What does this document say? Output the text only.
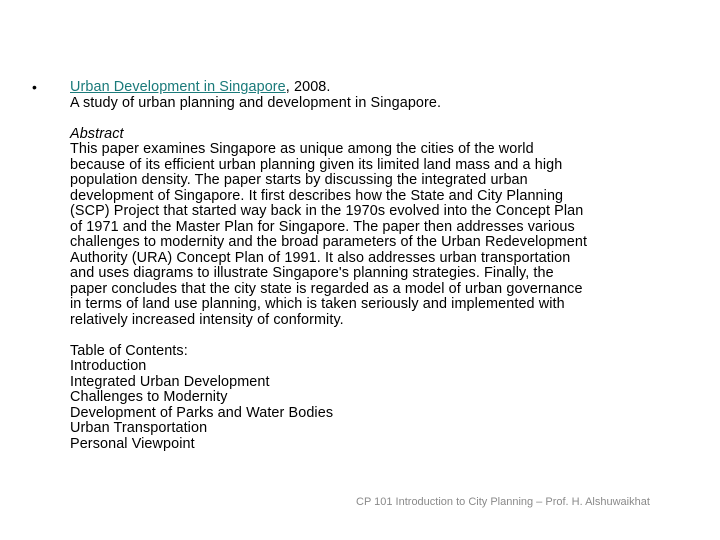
• Urban Development in Singapore, 2008.
A study of urban planning and development in Singapore.
Abstract
This paper examines Singapore as unique among the cities of the world
because of its efficient urban planning given its limited land mass and a high
population density. The paper starts by discussing the integrated urban
development of Singapore. It first describes how the State and City Planning
(SCP) Project that started way back in the 1970s evolved into the Concept Plan
of 1971 and the Master Plan for Singapore. The paper then addresses various
challenges to modernity and the broad parameters of the Urban Redevelopment
Authority (URA) Concept Plan of 1991. It also addresses urban transportation
and uses diagrams to illustrate Singapore's planning strategies. Finally, the
paper concludes that the city state is regarded as a model of urban governance
in terms of land use planning, which is taken seriously and implemented with
relatively increased intensity of conformity.
Table of Contents:
Introduction
Integrated Urban Development
Challenges to Modernity
Development of Parks and Water Bodies
Urban Transportation
Personal Viewpoint
CP 101 Introduction to City Planning – Prof. H. Alshuwaikhat
